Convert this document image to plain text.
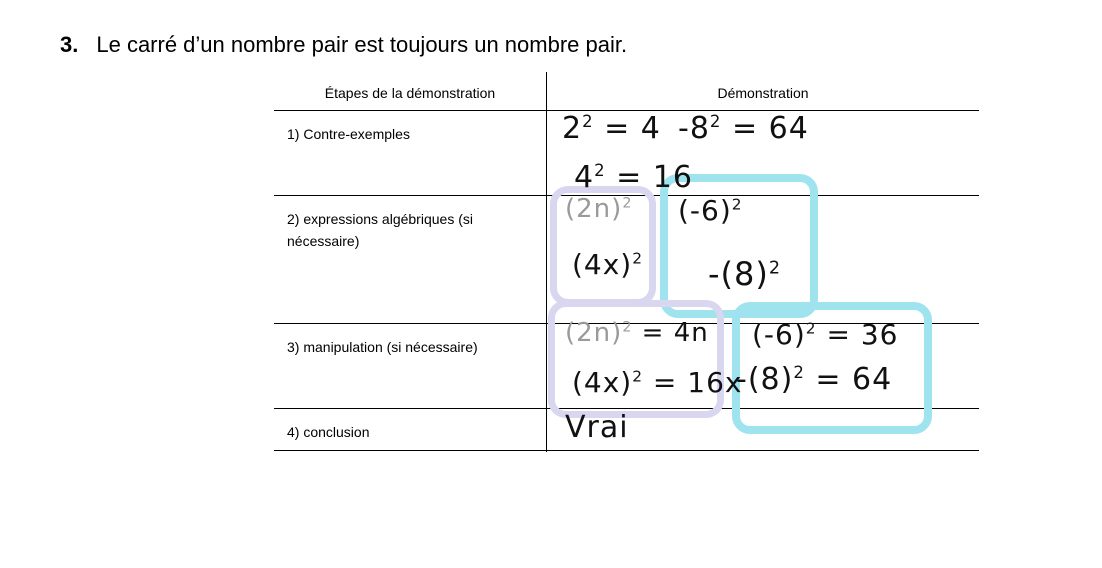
3. Le carré d’un nombre pair est toujours un nombre pair.
Étapes de la démonstration	Démonstration
1) Contre-exemples
2) expressions algébriques (si nécessaire)
3) manipulation (si nécessaire)
4) conclusion
$2^2 = 4$ $-8^2 = 64$
$4^2 = 16$
$(2n)^2$ $(-6)^2$
$(4x)^2$ $-(8)^2$
$(2n)^2 = 4n$ $(-6)^2 = 36$
$(4x)^2 = 16x$
$-(8)^2 = 64$
Vrai
